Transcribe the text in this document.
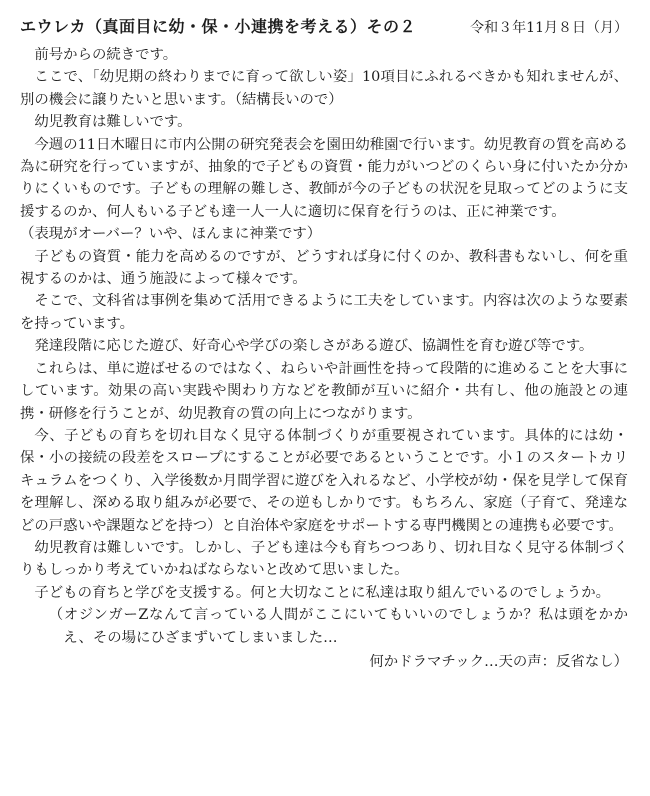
エウレカ（真面目に幼・保・小連携を考える）その２	令和３年11月８日（月）

前号からの続きです。

ここで、「幼児期の終わりまでに育って欲しい姿」10項目にふれるべきかも知れませんが、別の機会に譲りたいと思います。（結構長いので）

幼児教育は難しいです。

今週の11日木曜日に市内公開の研究発表会を園田幼稚園で行います。幼児教育の質を高める為に研究を行っていますが、抽象的で子どもの資質・能力がいつどのくらい身に付いたか分かりにくいものです。子どもの理解の難しさ、教師が今の子どもの状況を見取ってどのように支援するのか、何人もいる子ども達一人一人に適切に保育を行うのは、正に神業です。

（表現がオーバー？いや、ほんまに神業です）

子どもの資質・能力を高めるのですが、どうすれば身に付くのか、教科書もないし、何を重視するのかは、通う施設によって様々です。

そこで、文科省は事例を集めて活用できるように工夫をしています。内容は次のような要素を持っています。

発達段階に応じた遊び、好奇心や学びの楽しさがある遊び、協調性を育む遊び等です。

これらは、単に遊ばせるのではなく、ねらいや計画性を持って段階的に進めることを大事にしています。効果の高い実践や関わり方などを教師が互いに紹介・共有し、他の施設との連携・研修を行うことが、幼児教育の質の向上につながります。

今、子どもの育ちを切れ目なく見守る体制づくりが重要視されています。具体的には幼・保・小の接続の段差をスロープにすることが必要であるということです。小１のスタートカリキュラムをつくり、入学後数か月間学習に遊びを入れるなど、小学校が幼・保を見学して保育を理解し、深める取り組みが必要で、その逆もしかりです。もちろん、家庭（子育て、発達などの戸惑いや課題などを持つ）と自治体や家庭をサポートする専門機関との連携も必要です。

幼児教育は難しいです。しかし、子ども達は今も育ちつつあり、切れ目なく見守る体制づくりもしっかり考えていかねばならないと改めて思いました。

子どもの育ちと学びを支援する。何と大切なことに私達は取り組んでいるのでしょうか。

（オジンガーZなんて言っている人間がここにいてもいいのでしょうか？私は頭をかかえ、その場にひざまずいてしまいました…

何かドラマチック…天の声：反省なし）
